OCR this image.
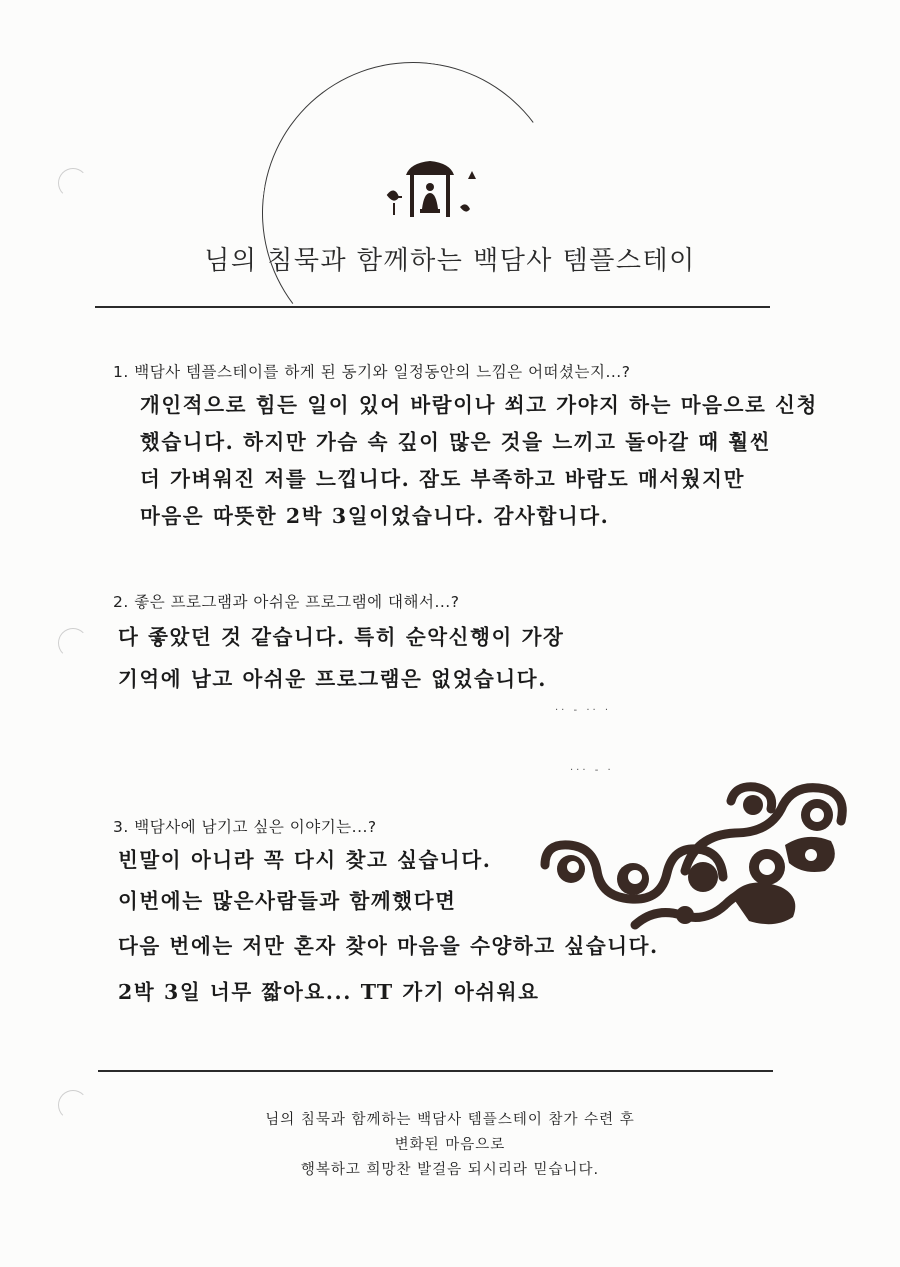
님의 침묵과 함께하는 백담사 템플스테이
1. 백담사 템플스테이를 하게 된 동기와 일정동안의 느낌은 어떠셨는지...?
개인적으로 힘든 일이 있어 바람이나 쐬고 가야지 하는 마음으로 신청
했습니다. 하지만 가슴 속 깊이 많은 것을 느끼고 돌아갈 때 훨씬
더 가벼워진 저를 느낍니다. 잠도 부족하고 바람도 매서웠지만
마음은 따뜻한 2박 3일이었습니다. 감사합니다.
2. 좋은 프로그램과 아쉬운 프로그램에 대해서...?
다 좋았던 것 같습니다. 특히 순악신행이 가장
기억에 남고 아쉬운 프로그램은 없었습니다.
·· - ·· ·
··· - ·
3. 백담사에 남기고 싶은 이야기는...?
빈말이 아니라 꼭 다시 찾고 싶습니다.
이번에는 많은사람들과 함께했다면
다음 번에는 저만 혼자 찾아 마음을 수양하고 싶습니다.
2박 3일 너무 짧아요... TT 가기 아쉬워요
님의 침묵과 함께하는 백담사 템플스테이 참가 수련 후
변화된 마음으로
행복하고 희망찬 발걸음 되시리라 믿습니다.
